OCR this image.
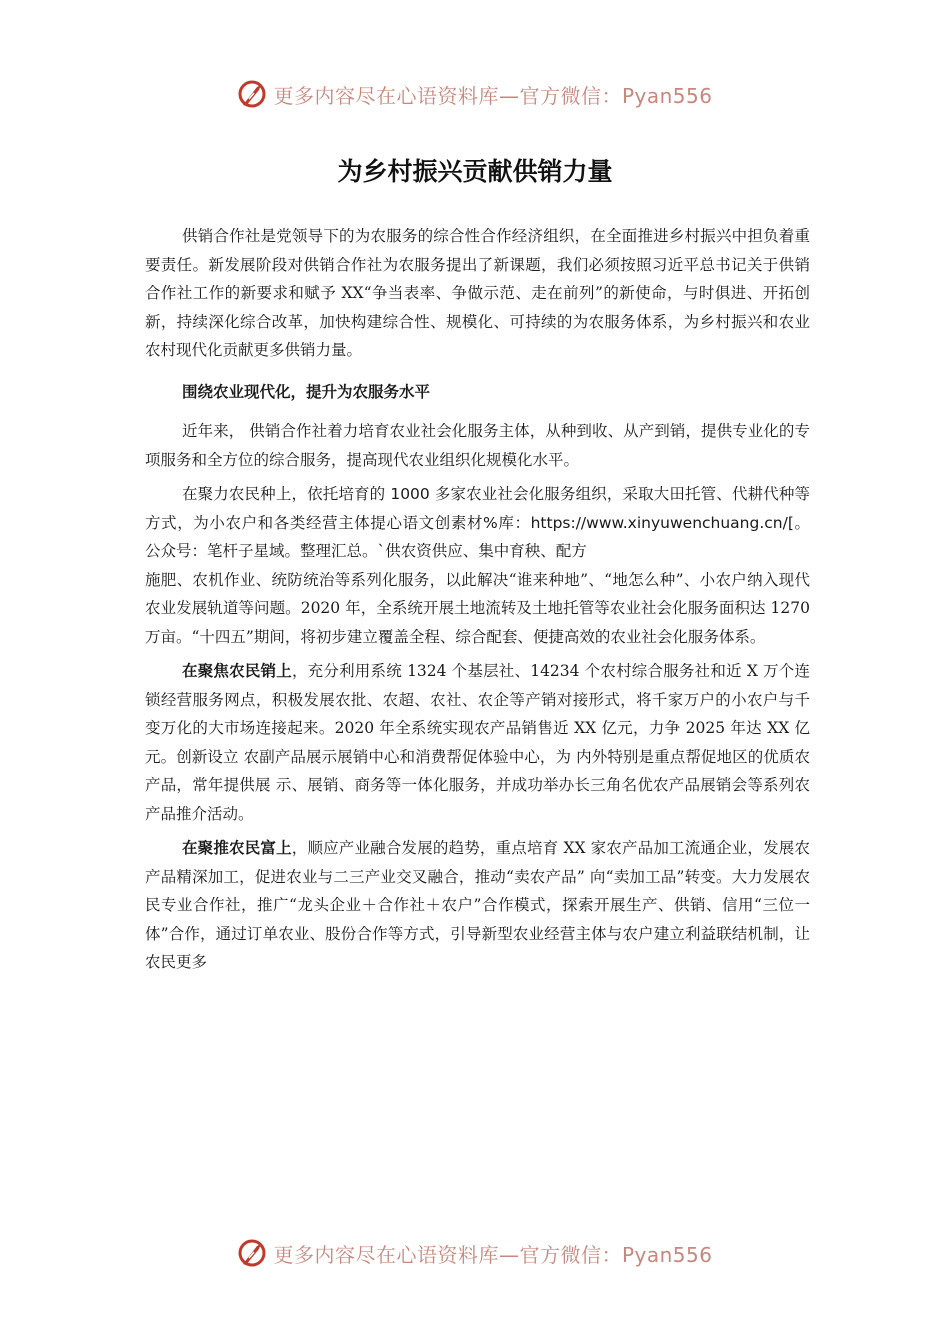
更多内容尽在心语资料库—官方微信：Pyan556
为乡村振兴贡献供销力量

供销合作社是党领导下的为农服务的综合性合作经济组织，在全面推进乡村振兴中担负着重要责任。新发展阶段对供销合作社为农服务提出了新课题，我们必须按照习近平总书记关于供销合作社工作的新要求和赋予 XX“争当表率、争做示范、走在前列”的新使命，与时俱进、开拓创新，持续深化综合改革，加快构建综合性、规模化、可持续的为农服务体系，为乡村振兴和农业农村现代化贡献更多供销力量。

围绕农业现代化，提升为农服务水平

近年来， 供销合作社着力培育农业社会化服务主体，从种到收、从产到销，提供专业化的专项服务和全方位的综合服务，提高现代农业组织化规模化水平。

在聚力农民种上，依托培育的 1000 多家农业社会化服务组织，采取大田托管、代耕代种等方式，为小农户和各类经营主体提心语文创素材%库：https://www.xinyuwenchuang.cn/[。公众号：笔杆子星域。整理汇总。`供农资供应、集中育秧、配方

施肥、农机作业、统防统治等系列化服务，以此解决“谁来种地”、“地怎么种”、小农户纳入现代农业发展轨道等问题。2020 年，全系统开展土地流转及土地托管等农业社会化服务面积达 1270 万亩。“十四五”期间，将初步建立覆盖全程、综合配套、便捷高效的农业社会化服务体系。

在聚焦农民销上，充分利用系统 1324 个基层社、14234 个农村综合服务社和近 X 万个连锁经营服务网点，积极发展农批、农超、农社、农企等产销对接形式，将千家万户的小农户与千变万化的大市场连接起来。2020 年全系统实现农产品销售近 XX 亿元，力争 2025 年达 XX 亿元。创新设立 农副产品展示展销中心和消费帮促体验中心，为 内外特别是重点帮促地区的优质农产品，常年提供展 示、展销、商务等一体化服务，并成功举办长三角名优农产品展销会等系列农产品推介活动。

在聚推农民富上，顺应产业融合发展的趋势，重点培育 XX 家农产品加工流通企业，发展农产品精深加工，促进农业与二三产业交叉融合，推动“卖农产品” 向“卖加工品”转变。大力发展农民专业合作社，推广“龙头企业＋合作社＋农户”合作模式，探索开展生产、供销、信用“三位一体”合作，通过订单农业、股份合作等方式，引导新型农业经营主体与农户建立利益联结机制，让农民更多

更多内容尽在心语资料库—官方微信：Pyan556
